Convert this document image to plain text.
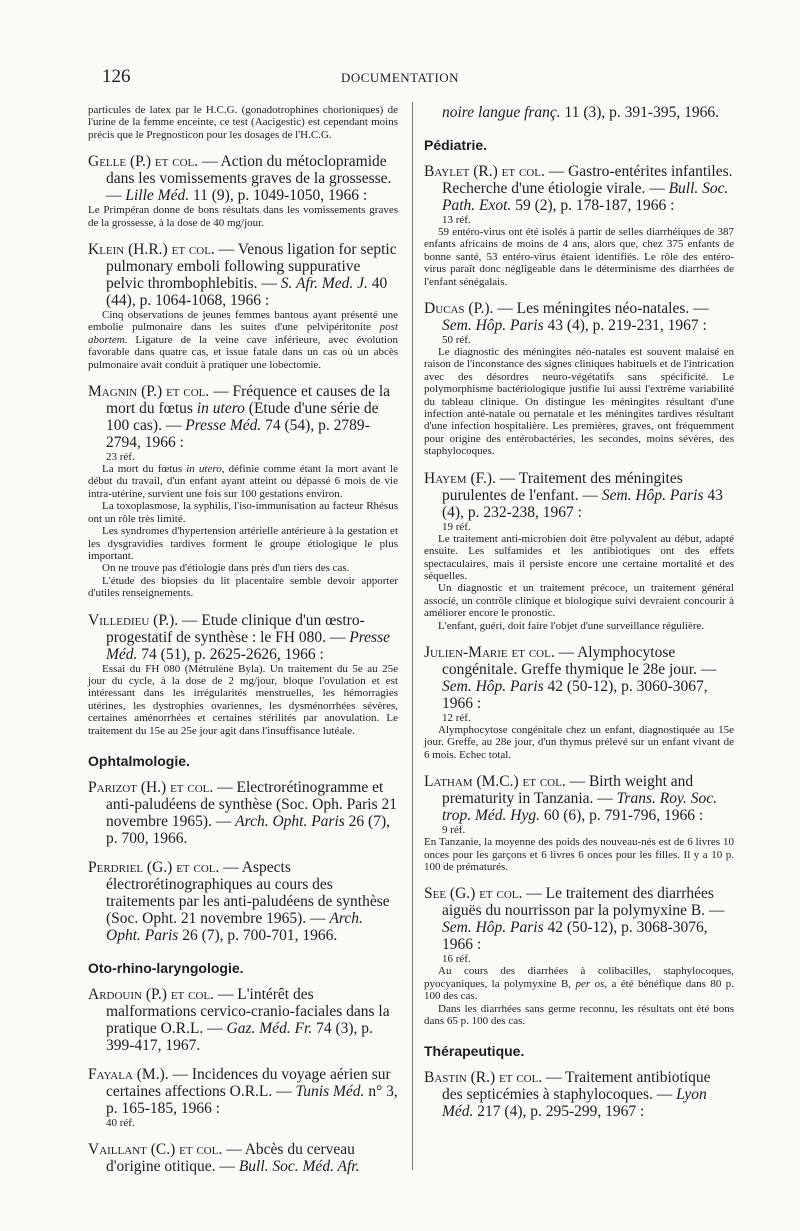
126	DOCUMENTATION

particules de latex par le H.C.G. (gonadotrophines chorioniques) de l'urine de la femme enceinte, ce test (Aacigestic) est cependant moins précis que le Pregnosticon pour les dosages de l'H.C.G.

Gelle (P.) et col. — Action du métoclopramide dans les vomissements graves de la grossesse. — Lille Méd. 11 (9), p. 1049-1050, 1966 :

Le Primpéran donne de bons résultats dans les vomissements graves de la grossesse, à la dose de 40 mg/jour.

Klein (H.R.) et col. — Venous ligation for septic pulmonary emboli following suppurative pelvic thrombophlebitis. — S. Afr. Med. J. 40 (44), p. 1064-1068, 1966 :

Cinq observations de jeunes femmes bantous ayant présenté une embolie pulmonaire dans les suites d'une pelvipéritonite post abortem. Ligature de la veine cave inférieure, avec évolution favorable dans quatre cas, et issue fatale dans un cas où un abcès pulmonaire avait conduit à pratiquer une lobectomie.

Magnin (P.) et col. — Fréquence et causes de la mort du fœtus in utero (Etude d'une série de 100 cas). — Presse Méd. 74 (54), p. 2789-2794, 1966 :
23 réf.

La mort du fœtus in utero, définie comme étant la mort avant le début du travail, d'un enfant ayant atteint ou dépassé 6 mois de vie intra-utérine, survient une fois sur 100 gestations environ.

La toxoplasmose, la syphilis, l'iso-immunisation au facteur Rhésus ont un rôle très limité.

Les syndromes d'hypertension artérielle antérieure à la gestation et les dysgravidies tardives forment le groupe étiologique le plus important.

On ne trouve pas d'étiologie dans près d'un tiers des cas.

L'étude des biopsies du lit placentaire semble devoir apporter d'utiles renseignements.

Villedieu (P.). — Etude clinique d'un œstro-progestatif de synthèse : le FH 080. — Presse Méd. 74 (51), p. 2625-2626, 1966 :

Essai du FH 080 (Métrulène Byla). Un traitement du 5e au 25e jour du cycle, à la dose de 2 mg/jour, bloque l'ovulation et est intéressant dans les irrégularités menstruelles, les hémorragies utérines, les dystrophies ovariennes, les dysménorrhées sévères, certaines aménorrhées et certaines stérilités par anovulation. Le traitement du 15e au 25e jour agit dans l'insuffisance lutéale.

Ophtalmologie.
Parizot (H.) et col. — Electrorétinogramme et anti-paludéens de synthèse (Soc. Oph. Paris 21 novembre 1965). — Arch. Opht. Paris 26 (7), p. 700, 1966.
Perdriel (G.) et col. — Aspects électrorétinographiques au cours des traitements par les anti-paludéens de synthèse (Soc. Opht. 21 novembre 1965). — Arch. Opht. Paris 26 (7), p. 700-701, 1966.
Oto-rhino-laryngologie.
Ardouin (P.) et col. — L'intérêt des malformations cervico-cranio-faciales dans la pratique O.R.L. — Gaz. Méd. Fr. 74 (3), p. 399-417, 1967.
Fayala (M.). — Incidences du voyage aérien sur certaines affections O.R.L. — Tunis Méd. n° 3, p. 165-185, 1966 :
40 réf.
Vaillant (C.) et col. — Abcès du cerveau d'origine otitique. — Bull. Soc. Méd. Afr.
noire langue franç. 11 (3), p. 391-395, 1966.
Pédiatrie.
Baylet (R.) et col. — Gastro-entérites infantiles. Recherche d'une étiologie virale. — Bull. Soc. Path. Exot. 59 (2), p. 178-187, 1966 :
13 réf.

59 entéro-virus ont été isolés à partir de selles diarrhéiques de 387 enfants africains de moins de 4 ans, alors que, chez 375 enfants de bonne santé, 53 entéro-virus étaient identifiés. Le rôle des entéro-virus paraît donc négligeable dans le déterminisme des diarrhées de l'enfant sénégalais.

Ducas (P.). — Les méningites néo-natales. — Sem. Hôp. Paris 43 (4), p. 219-231, 1967 :
50 réf.

Le diagnostic des méningites néo-natales est souvent malaisé en raison de l'inconstance des signes cliniques habituels et de l'intrication avec des désordres neuro-végétatifs sans spécificité. Le polymorphisme bactériologique justifie lui aussi l'extrême variabilité du tableau clinique. On distingue les méningites résultant d'une infection anté-natale ou pernatale et les méningites tardives résultant d'une infection hospitalière. Les premières, graves, ont fréquemment pour origine des entérobactéries, les secondes, moins sévères, des staphylocoques.

Hayem (F.). — Traitement des méningites purulentes de l'enfant. — Sem. Hôp. Paris 43 (4), p. 232-238, 1967 :
19 réf.

Le traitement anti-microbien doit être polyvalent au début, adapté ensuite. Les sulfamides et les antibiotiques ont des effets spectaculaires, mais il persiste encore une certaine mortalité et des séquelles.

Un diagnostic et un traitement précoce, un traitement général associé, un contrôle clinique et biologique suivi devraient concourir à améliorer encore le pronostic.

L'enfant, guéri, doit faire l'objet d'une surveillance régulière.

Julien-Marie et col. — Alymphocytose congénitale. Greffe thymique le 28e jour. — Sem. Hôp. Paris 42 (50-12), p. 3060-3067, 1966 :
12 réf.

Alymphocytose congénitale chez un enfant, diagnostiquée au 15e jour. Greffe, au 28e jour, d'un thymus prélevé sur un enfant vivant de 6 mois. Echec total.

Latham (M.C.) et col. — Birth weight and prematurity in Tanzania. — Trans. Roy. Soc. trop. Méd. Hyg. 60 (6), p. 791-796, 1966 :
9 réf.

En Tanzanie, la moyenne des poids des nouveau-nés est de 6 livres 10 onces pour les garçons et 6 livres 6 onces pour les filles. Il y a 10 p. 100 de prématurés.

See (G.) et col. — Le traitement des diarrhées aiguës du nourrisson par la polymyxine B. — Sem. Hôp. Paris 42 (50-12), p. 3068-3076, 1966 :
16 réf.

Au cours des diarrhées à colibacilles, staphylocoques, pyocyaniques, la polymyxine B, per os, a été bénéfique dans 80 p. 100 des cas.

Dans les diarrhées sans germe reconnu, les résultats ont été bons dans 65 p. 100 des cas.

Thérapeutique.
Bastin (R.) et col. — Traitement antibiotique des septicémies à staphylocoques. — Lyon Méd. 217 (4), p. 295-299, 1967 :
